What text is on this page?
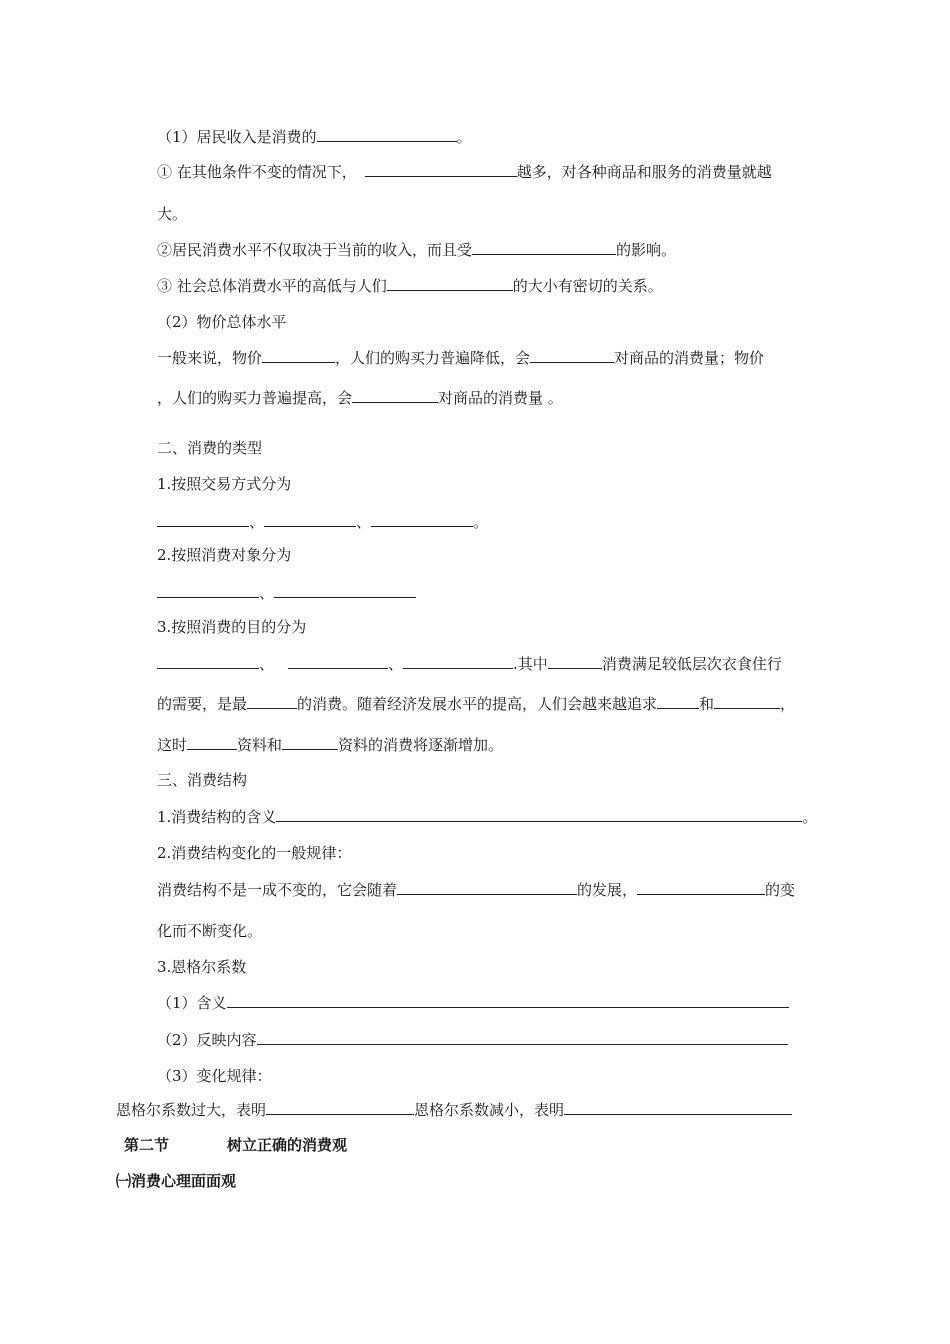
（1）居民收入是消费的	。
① 在其他条件不变的情况下，	越多，对各种商品和服务的消费量就越
大。
②居民消费水平不仅取决于当前的收入，而且受	的影响。
③ 社会总体消费水平的高低与人们	的大小有密切的关系。
（2）物价总体水平
一般来说，物价	，人们的购买力普遍降低，会	对商品的消费量；物价
，人们的购买力普遍提高，会	对商品的消费量 。
二、消费的类型
1.按照交易方式分为
、	、	。
2.按照消费对象分为
、
3.按照消费的目的分为
、	、	.其中	消费满足较低层次衣食住行
的需要，是最	的消费。随着经济发展水平的提高，人们会越来越追求	和	，
这时	资料和	资料的消费将逐渐增加。
三、消费结构
1.消费结构的含义	。
2.消费结构变化的一般规律：
消费结构不是一成不变的，它会随着	的发展，	的变
化而不断变化。
3.恩格尔系数
（1）含义
（2）反映内容
（3）变化规律：
恩格尔系数过大，表明	恩格尔系数减小，表明
第二节	树立正确的消费观
㈠消费心理面面观
